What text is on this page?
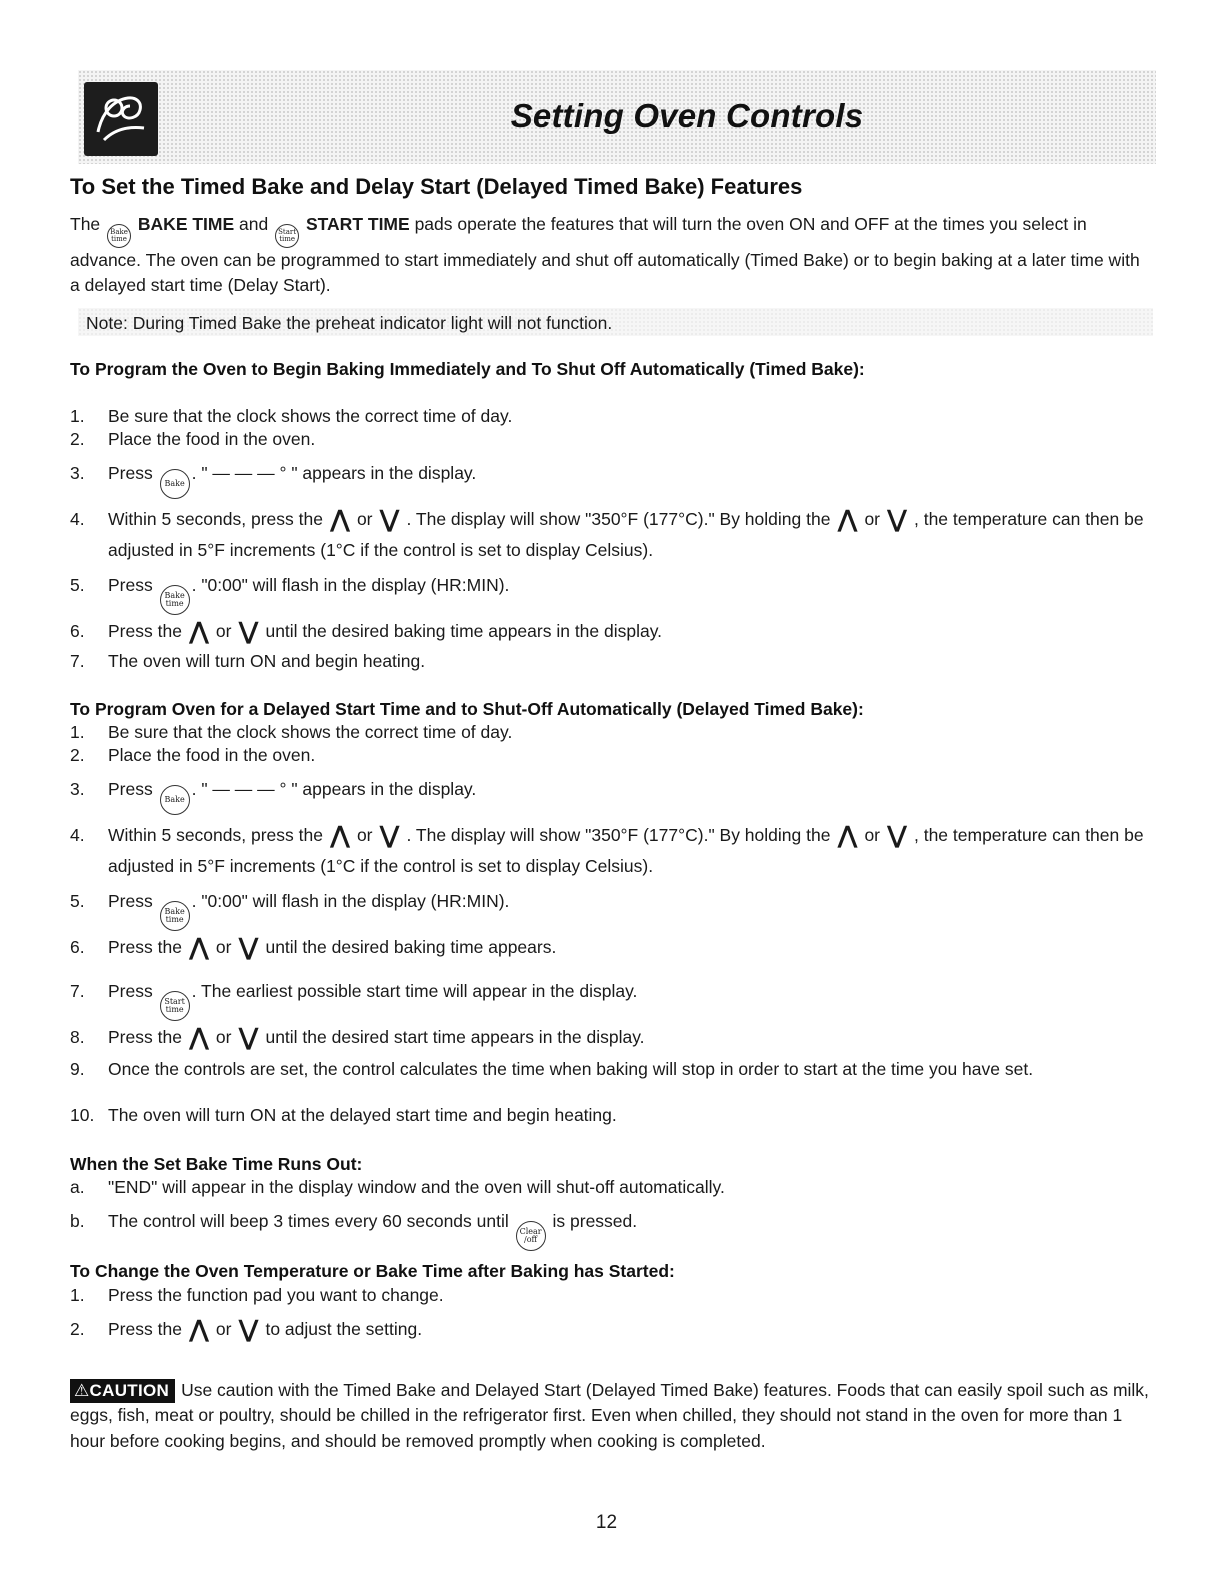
Setting Oven Controls
To Set the Timed Bake and Delay Start (Delayed Timed Bake) Features

The Bake time BAKE TIME and Start time START TIME pads operate the features that will turn the oven ON and OFF at the times you select in advance. The oven can be programmed to start immediately and shut off automatically (Timed Bake) or to begin baking at a later time with a delayed start time (Delay Start).

Note: During Timed Bake the preheat indicator light will not function.

To Program the Oven to Begin Baking Immediately and To Shut Off Automatically (Timed Bake):

1. Be sure that the clock shows the correct time of day.
2. Place the food in the oven.
3. Press Bake. " — — — ° " appears in the display.
4. Within 5 seconds, press the ⋀ or ⋁ . The display will show "350°F (177°C)." By holding the ⋀ or ⋁ , the temperature can then be adjusted in 5°F increments (1°C if the control is set to display Celsius).
5. Press Bake time. "0:00" will flash in the display (HR:MIN).
6. Press the ⋀ or ⋁ until the desired baking time appears in the display.
7. The oven will turn ON and begin heating.

To Program Oven for a Delayed Start Time and to Shut-Off Automatically (Delayed Timed Bake):

1. Be sure that the clock shows the correct time of day.
2. Place the food in the oven.
3. Press Bake. " — — — ° " appears in the display.
4. Within 5 seconds, press the ⋀ or ⋁ . The display will show "350°F (177°C)." By holding the ⋀ or ⋁ , the temperature can then be adjusted in 5°F increments (1°C if the control is set to display Celsius).
5. Press Bake time. "0:00" will flash in the display (HR:MIN).
6. Press the ⋀ or ⋁ until the desired baking time appears.
7. Press Start time. The earliest possible start time will appear in the display.
8. Press the ⋀ or ⋁ until the desired start time appears in the display.
9. Once the controls are set, the control calculates the time when baking will stop in order to start at the time you have set.
10. The oven will turn ON at the delayed start time and begin heating.

When the Set Bake Time Runs Out:

a. "END" will appear in the display window and the oven will shut-off automatically.
b. The control will beep 3 times every 60 seconds until Clear /off is pressed.

To Change the Oven Temperature or Bake Time after Baking has Started:

1. Press the function pad you want to change.
2. Press the ⋀ or ⋁ to adjust the setting.

⚠CAUTION Use caution with the Timed Bake and Delayed Start (Delayed Timed Bake) features. Foods that can easily spoil such as milk, eggs, fish, meat or poultry, should be chilled in the refrigerator first. Even when chilled, they should not stand in the oven for more than 1 hour before cooking begins, and should be removed promptly when cooking is completed.

12
